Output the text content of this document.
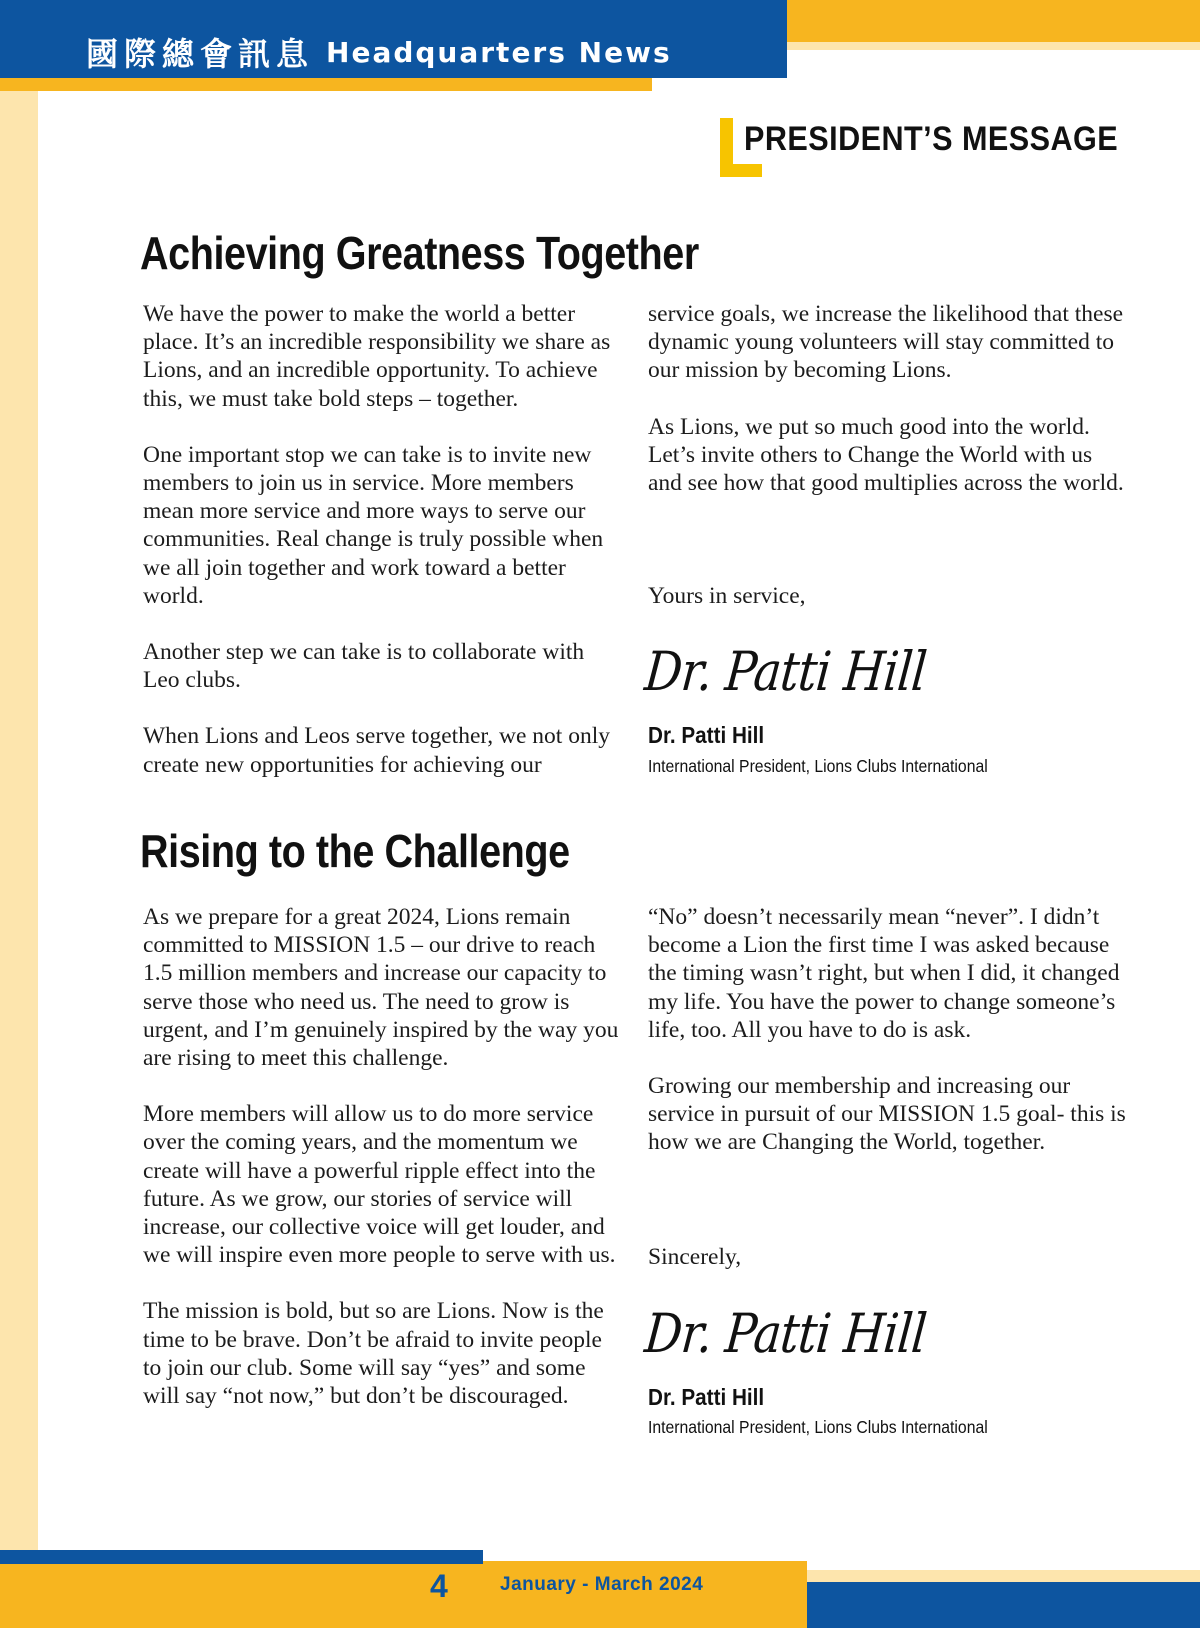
國際總會訊息 Headquarters News
PRESIDENT’S MESSAGE
Achieving Greatness Together

We have the power to make the world a better place. It’s an incredible responsibility we share as Lions, and an incredible opportunity. To achieve this, we must take bold steps – together.

One important stop we can take is to invite new members to join us in service. More members mean more service and more ways to serve our communities. Real change is truly possible when we all join together and work toward a better world.

Another step we can take is to collaborate with Leo clubs.

When Lions and Leos serve together, we not only create new opportunities for achieving our

service goals, we increase the likelihood that these dynamic young volunteers will stay committed to our mission by becoming Lions.

As Lions, we put so much good into the world. Let’s invite others to Change the World with us and see how that good multiplies across the world.

Yours in service,
Dr. Patti Hill
Dr. Patti Hill
International President, Lions Clubs International
Rising to the Challenge

As we prepare for a great 2024, Lions remain committed to MISSION 1.5 – our drive to reach 1.5 million members and increase our capacity to serve those who need us. The need to grow is urgent, and I’m genuinely inspired by the way you are rising to meet this challenge.

More members will allow us to do more service over the coming years, and the momentum we create will have a powerful ripple effect into the future. As we grow, our stories of service will increase, our collective voice will get louder, and we will inspire even more people to serve with us.

The mission is bold, but so are Lions. Now is the time to be brave. Don’t be afraid to invite people to join our club. Some will say “yes” and some will say “not now,” but don’t be discouraged.

“No” doesn’t necessarily mean “never”. I didn’t become a Lion the first time I was asked because the timing wasn’t right, but when I did, it changed my life. You have the power to change someone’s life, too. All you have to do is ask.

Growing our membership and increasing our service in pursuit of our MISSION 1.5 goal- this is how we are Changing the World, together.

Sincerely,
Dr. Patti Hill
Dr. Patti Hill
International President, Lions Clubs International
4	January - March 2024
